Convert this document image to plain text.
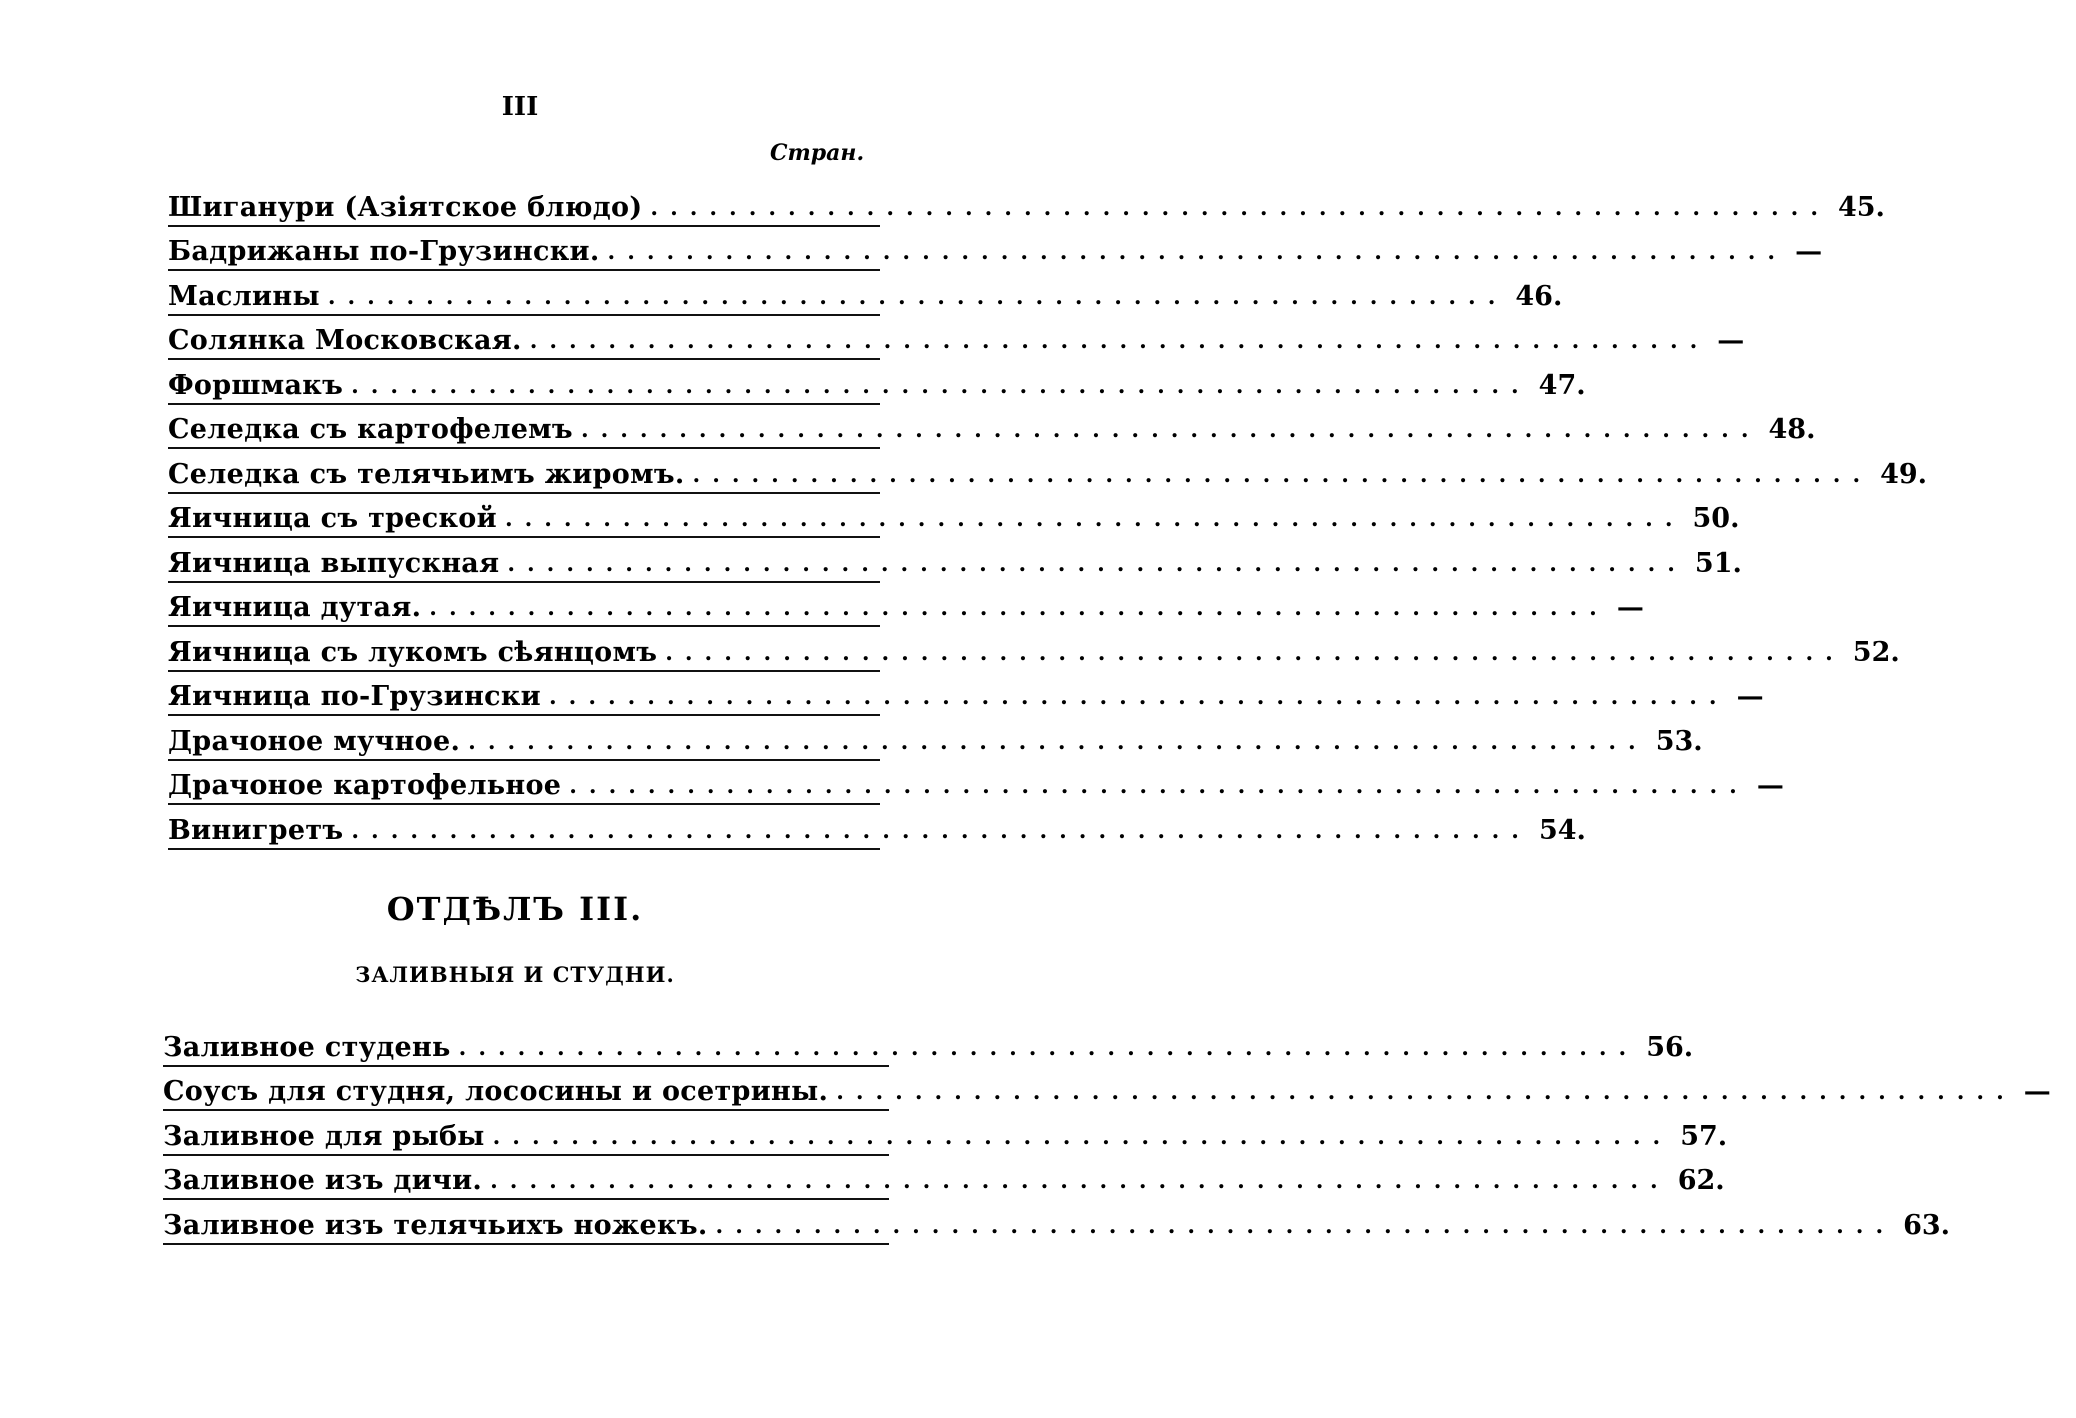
III
Стран.
Шиганури (Азіятское блюдо) ............................................................ 45.
Бадрижаны по-Грузински. ............................................................ —
Маслины ............................................................ 46.
Солянка Московская. ............................................................ —
Форшмакъ ............................................................ 47.
Селедка съ картофелемъ ............................................................ 48.
Селедка съ телячьимъ жиромъ. ............................................................ 49.
Яичница съ треской ............................................................ 50.
Яичница выпускная ............................................................ 51.
Яичница дутая. ............................................................ —
Яичница съ лукомъ сѣянцомъ ............................................................ 52.
Яичница по-Грузински ............................................................ —
Драчоное мучное. ............................................................ 53.
Драчоное картофельное ............................................................ —
Винигретъ ............................................................ 54.
ОТДѢЛЪ III.
ЗАЛИВНЫЯ И СТУДНИ.
Заливное студень ............................................................ 56.
Соусъ для студня, лососины и осетрины. ............................................................ —
Заливное для рыбы ............................................................ 57.
Заливное изъ дичи. ............................................................ 62.
Заливное изъ телячьихъ ножекъ. ............................................................ 63.
